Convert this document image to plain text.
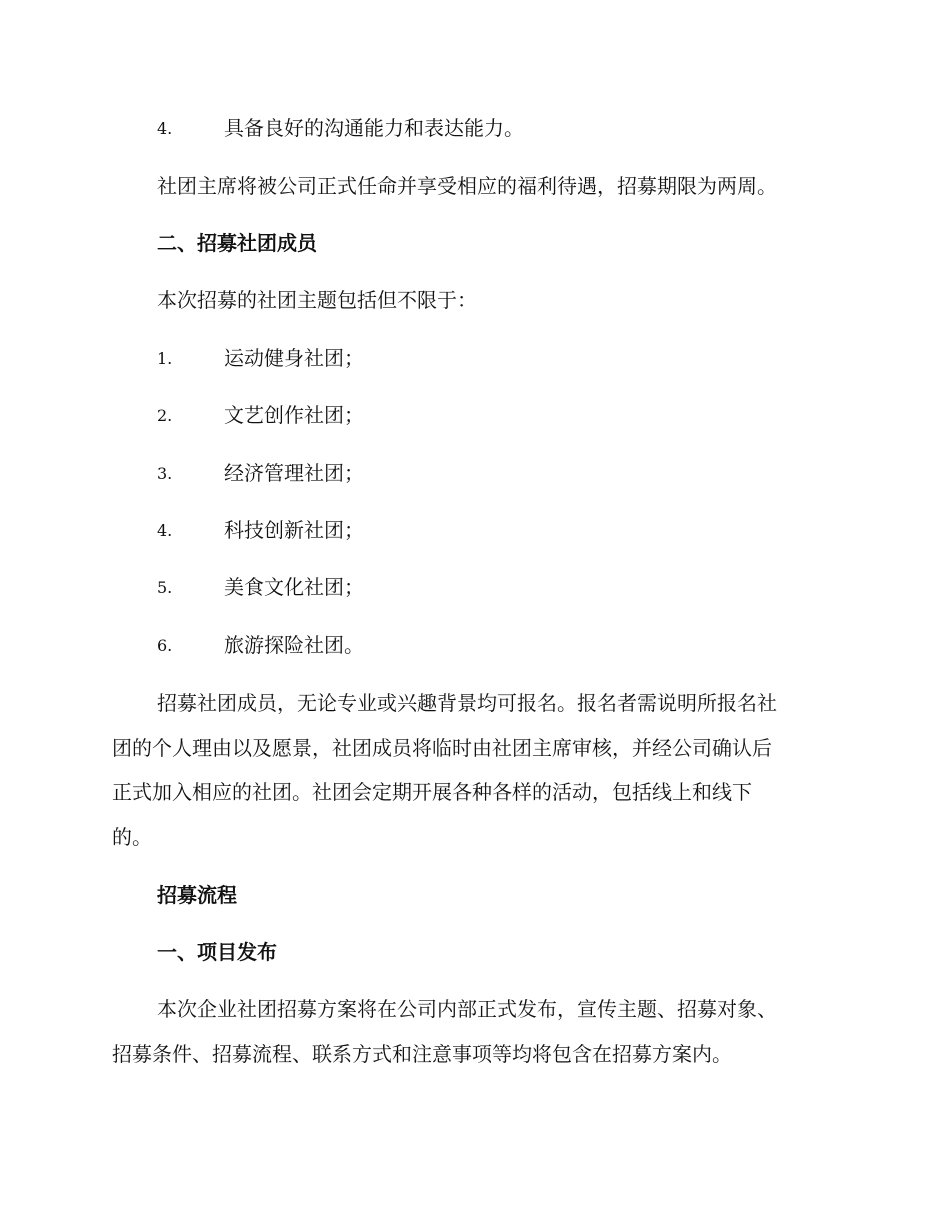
4.	具备良好的沟通能力和表达能力。
社团主席将被公司正式任命并享受相应的福利待遇，招募期限为两周。
二、招募社团成员
本次招募的社团主题包括但不限于：
1.	运动健身社团；
2.	文艺创作社团；
3.	经济管理社团；
4.	科技创新社团；
5.	美食文化社团；
6.	旅游探险社团。
招募社团成员，无论专业或兴趣背景均可报名。报名者需说明所报名社
团的个人理由以及愿景，社团成员将临时由社团主席审核，并经公司确认后
正式加入相应的社团。社团会定期开展各种各样的活动，包括线上和线下
的。
招募流程
一、项目发布
本次企业社团招募方案将在公司内部正式发布，宣传主题、招募对象、
招募条件、招募流程、联系方式和注意事项等均将包含在招募方案内。
